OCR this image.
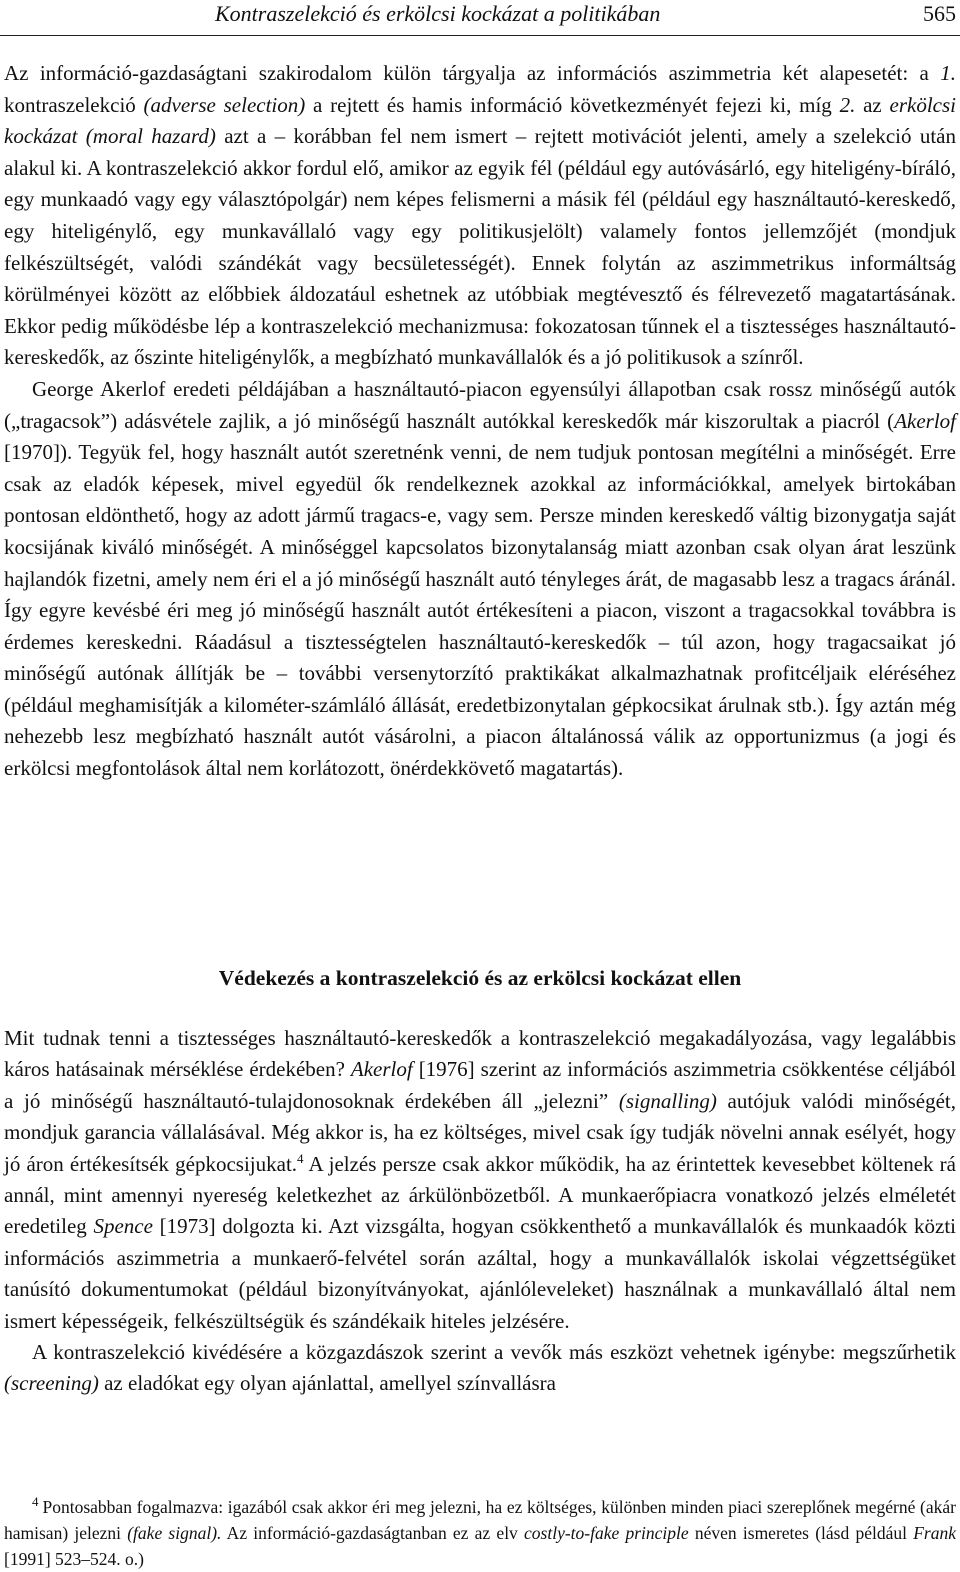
Kontraszelekció és erkölcsi kockázat a politikában	565

Az információ-gazdaságtani szakirodalom külön tárgyalja az információs aszimmetria két alapesetét: a 1. kontraszelekció (adverse selection) a rejtett és hamis információ következményét fejezi ki, míg 2. az erkölcsi kockázat (moral hazard) azt a – korábban fel nem ismert – rejtett motivációt jelenti, amely a szelekció után alakul ki. A kontraszelekció akkor fordul elő, amikor az egyik fél (például egy autóvásárló, egy hiteligény-bíráló, egy munkaadó vagy egy választópolgár) nem képes felismerni a másik fél (például egy használtautó-kereskedő, egy hiteligénylő, egy munkavállaló vagy egy politikusjelölt) valamely fontos jellemzőjét (mondjuk felkészültségét, valódi szándékát vagy becsületességét). Ennek folytán az aszimmetrikus informáltság körülményei között az előbbiek áldozatául eshetnek az utóbbiak megtévesztő és félrevezető magatartásának. Ekkor pedig működésbe lép a kontraszelekció mechanizmusa: fokozatosan tűnnek el a tisztességes használtautó-kereskedők, az őszinte hiteligénylők, a megbízható munkavállalók és a jó politikusok a színről.

George Akerlof eredeti példájában a használtautó-piacon egyensúlyi állapotban csak rossz minőségű autók („tragacsok”) adásvétele zajlik, a jó minőségű használt autókkal kereskedők már kiszorultak a piacról (Akerlof [1970]). Tegyük fel, hogy használt autót szeretnénk venni, de nem tudjuk pontosan megítélni a minőségét. Erre csak az eladók képesek, mivel egyedül ők rendelkeznek azokkal az információkkal, amelyek birtokában pontosan eldönthető, hogy az adott jármű tragacs-e, vagy sem. Persze minden kereskedő váltig bizonygatja saját kocsijának kiváló minőségét. A minőséggel kapcsolatos bizonytalanság miatt azonban csak olyan árat leszünk hajlandók fizetni, amely nem éri el a jó minőségű használt autó tényleges árát, de magasabb lesz a tragacs áránál. Így egyre kevésbé éri meg jó minőségű használt autót értékesíteni a piacon, viszont a tragacsokkal továbbra is érdemes kereskedni. Ráadásul a tisztességtelen használtautó-kereskedők – túl azon, hogy tragacsaikat jó minőségű autónak állítják be – további versenytorzító praktikákat alkalmazhatnak profitcéljaik eléréséhez (például meghamisítják a kilométer-számláló állását, eredetbizonytalan gépkocsikat árulnak stb.). Így aztán még nehezebb lesz megbízható használt autót vásárolni, a piacon általánossá válik az opportunizmus (a jogi és erkölcsi megfontolások által nem korlátozott, önérdekkövető magatartás).

Védekezés a kontraszelekció és az erkölcsi kockázat ellen

Mit tudnak tenni a tisztességes használtautó-kereskedők a kontraszelekció megakadályozása, vagy legalábbis káros hatásainak mérséklése érdekében? Akerlof [1976] szerint az információs aszimmetria csökkentése céljából a jó minőségű használtautó-tulajdonosoknak érdekében áll „jelezni” (signalling) autójuk valódi minőségét, mondjuk garancia vállalásával. Még akkor is, ha ez költséges, mivel csak így tudják növelni annak esélyét, hogy jó áron értékesítsék gépkocsijukat.$^4$ A jelzés persze csak akkor működik, ha az érintettek kevesebbet költenek rá annál, mint amennyi nyereség keletkezhet az árkülönbözetből. A munkaerőpiacra vonatkozó jelzés elméletét eredetileg Spence [1973] dolgozta ki. Azt vizsgálta, hogyan csökkenthető a munkavállalók és munkaadók közti információs aszimmetria a munkaerő-felvétel során azáltal, hogy a munkavállalók iskolai végzettségüket tanúsító dokumentumokat (például bizonyítványokat, ajánlóleveleket) használnak a munkavállaló által nem ismert képességeik, felkészültségük és szándékaik hiteles jelzésére.

A kontraszelekció kivédésére a közgazdászok szerint a vevők más eszközt vehetnek igénybe: megszűrhetik (screening) az eladókat egy olyan ajánlattal, amellyel színvallásra

$^4$ Pontosabban fogalmazva: igazából csak akkor éri meg jelezni, ha ez költséges, különben minden piaci szereplőnek megérné (akár hamisan) jelezni (fake signal). Az információ-gazdaságtanban ez az elv costly-to-fake principle néven ismeretes (lásd például Frank [1991] 523–524. o.)
